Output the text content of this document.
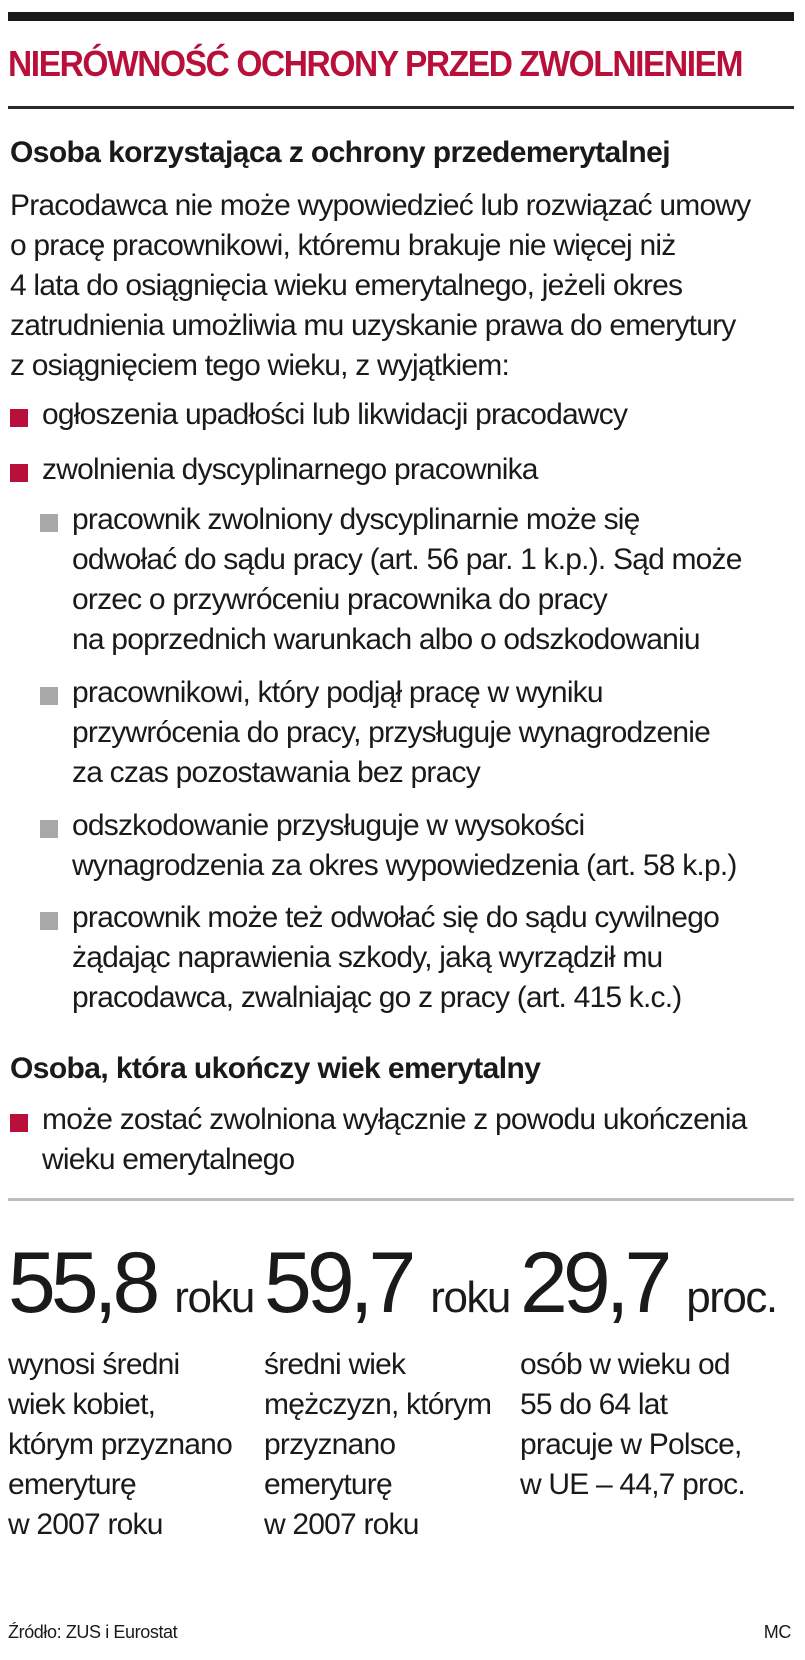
NIERÓWNOŚĆ OCHRONY PRZED ZWOLNIENIEM
Osoba korzystająca z ochrony przedemerytalnej
Pracodawca nie może wypowiedzieć lub rozwiązać umowy
o pracę pracownikowi, któremu brakuje nie więcej niż
4 lata do osiągnięcia wieku emerytalnego, jeżeli okres
zatrudnienia umożliwia mu uzyskanie prawa do emerytury
z osiągnięciem tego wieku, z wyjątkiem:
ogłoszenia upadłości lub likwidacji pracodawcy
zwolnienia dyscyplinarnego pracownika
pracownik zwolniony dyscyplinarnie może się
odwołać do sądu pracy (art. 56 par. 1 k.p.). Sąd może
orzec o przywróceniu pracownika do pracy
na poprzednich warunkach albo o odszkodowaniu
pracownikowi, który podjął pracę w wyniku
przywrócenia do pracy, przysługuje wynagrodzenie
za czas pozostawania bez pracy
odszkodowanie przysługuje w wysokości
wynagrodzenia za okres wypowiedzenia (art. 58 k.p.)
pracownik może też odwołać się do sądu cywilnego
żądając naprawienia szkody, jaką wyrządził mu
pracodawca, zwalniając go z pracy (art. 415 k.c.)
Osoba, która ukończy wiek emerytalny
może zostać zwolniona wyłącznie z powodu ukończenia
wieku emerytalnego
55,8 roku
wynosi średni
wiek kobiet,
którym przyznano
emeryturę
w 2007 roku
59,7 roku
średni wiek
mężczyzn, którym
przyznano
emeryturę
w 2007 roku
29,7 proc.
osób w wieku od
55 do 64 lat
pracuje w Polsce,
w UE – 44,7 proc.
Źródło: ZUS i Eurostat	MC
